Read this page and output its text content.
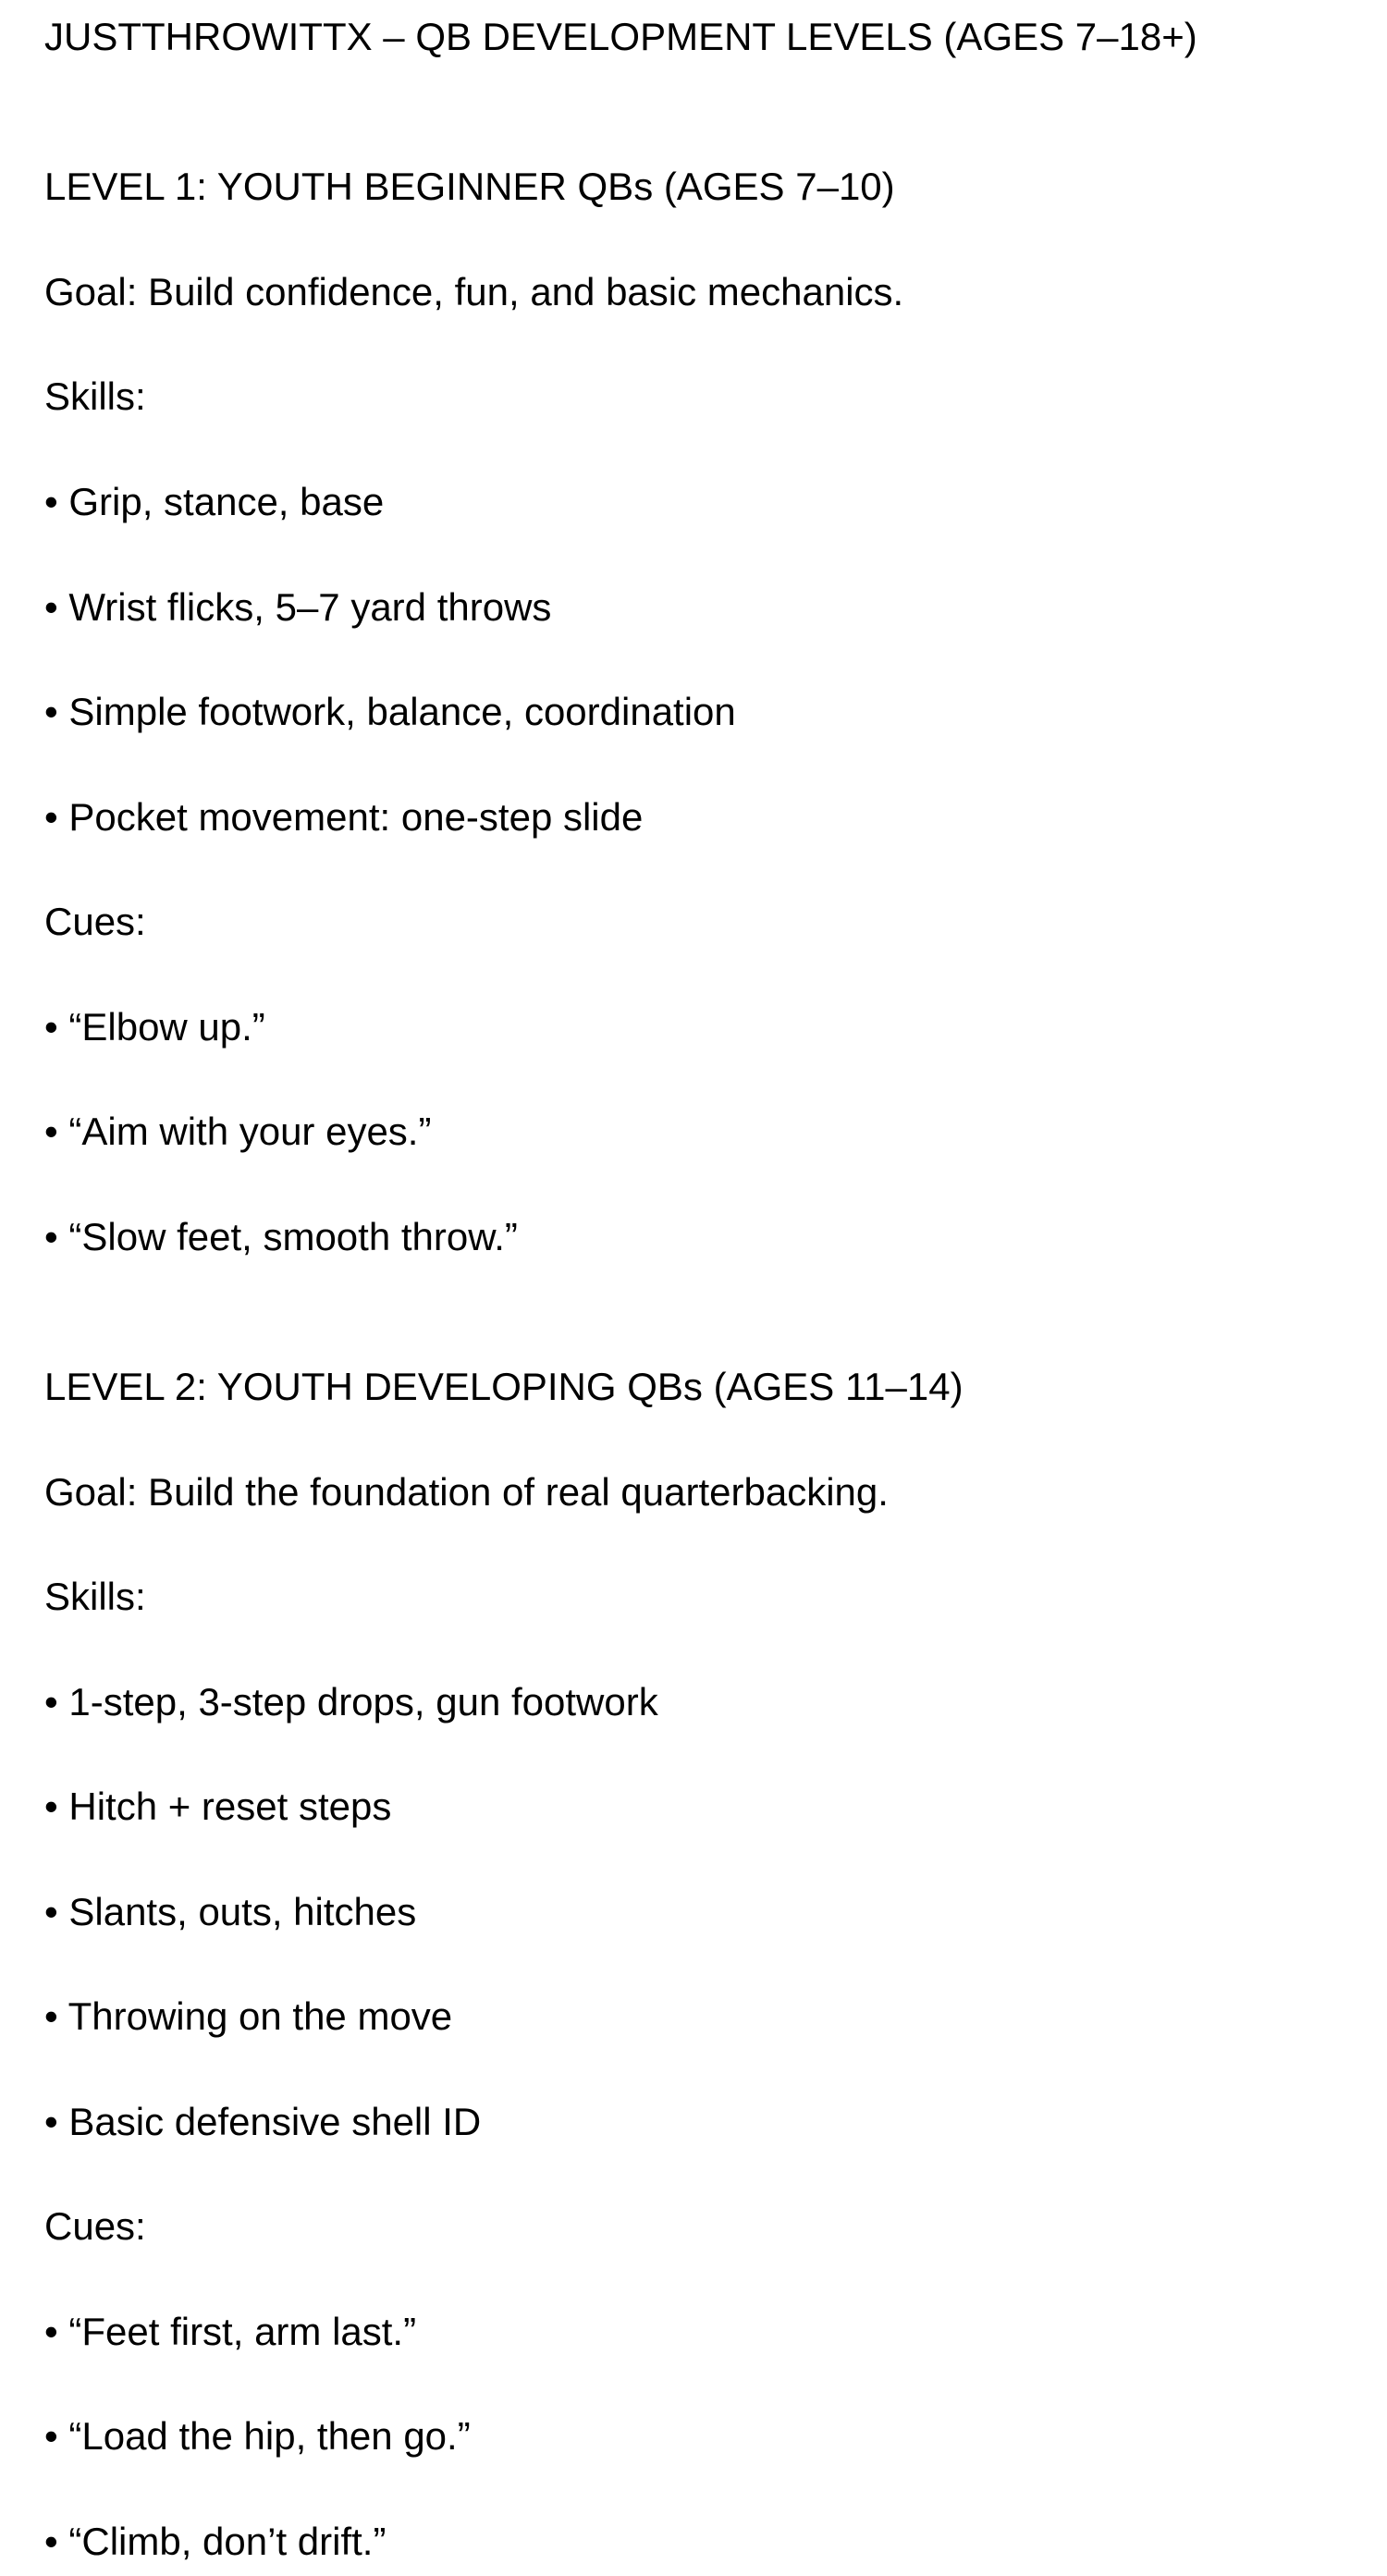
JUSTTHROWITTX – QB DEVELOPMENT LEVELS (AGES 7–18+)

LEVEL 1: YOUTH BEGINNER QBs (AGES 7–10)

Goal: Build confidence, fun, and basic mechanics.

Skills:

• Grip, stance, base

• Wrist flicks, 5–7 yard throws

• Simple footwork, balance, coordination

• Pocket movement: one-step slide

Cues:

• “Elbow up.”

• “Aim with your eyes.”

• “Slow feet, smooth throw.”

LEVEL 2: YOUTH DEVELOPING QBs (AGES 11–14)

Goal: Build the foundation of real quarterbacking.

Skills:

• 1-step, 3-step drops, gun footwork

• Hitch + reset steps

• Slants, outs, hitches

• Throwing on the move

• Basic defensive shell ID

Cues:

• “Feet first, arm last.”

• “Load the hip, then go.”

• “Climb, don’t drift.”
